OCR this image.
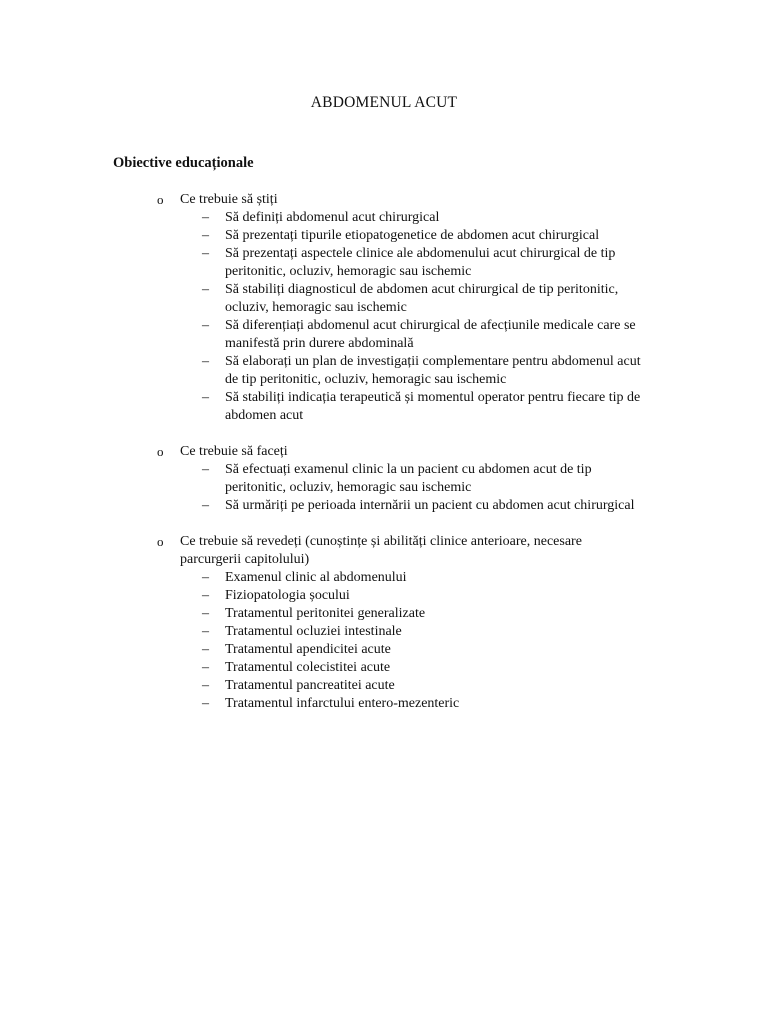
ABDOMENUL ACUT
Obiective educaționale
o Ce trebuie să știți
– Să definiți abdomenul acut chirurgical
– Să prezentați tipurile etiopatogenetice de abdomen acut chirurgical
– Să prezentați aspectele clinice ale abdomenului acut chirurgical de tip peritonitic, ocluziv, hemoragic sau ischemic
– Să stabiliți diagnosticul de abdomen acut chirurgical de tip peritonitic, ocluziv, hemoragic sau ischemic
– Să diferențiați abdomenul acut chirurgical de afecțiunile medicale care se manifestă prin durere abdominală
– Să elaborați un plan de investigații complementare pentru abdomenul acut de tip peritonitic, ocluziv, hemoragic sau ischemic
– Să stabiliți indicația terapeutică și momentul operator pentru fiecare tip de abdomen acut
o Ce trebuie să faceți
– Să efectuați examenul clinic la un pacient cu abdomen acut de tip peritonitic, ocluziv, hemoragic sau ischemic
– Să urmăriți pe perioada internării un pacient cu abdomen acut chirurgical
o Ce trebuie să revedeți (cunoștințe și abilități clinice anterioare, necesare parcurgerii capitolului)
– Examenul clinic al abdomenului
– Fiziopatologia șocului
– Tratamentul peritonitei generalizate
– Tratamentul ocluziei intestinale
– Tratamentul apendicitei acute
– Tratamentul colecistitei acute
– Tratamentul pancreatitei acute
– Tratamentul infarctului entero-mezenteric
